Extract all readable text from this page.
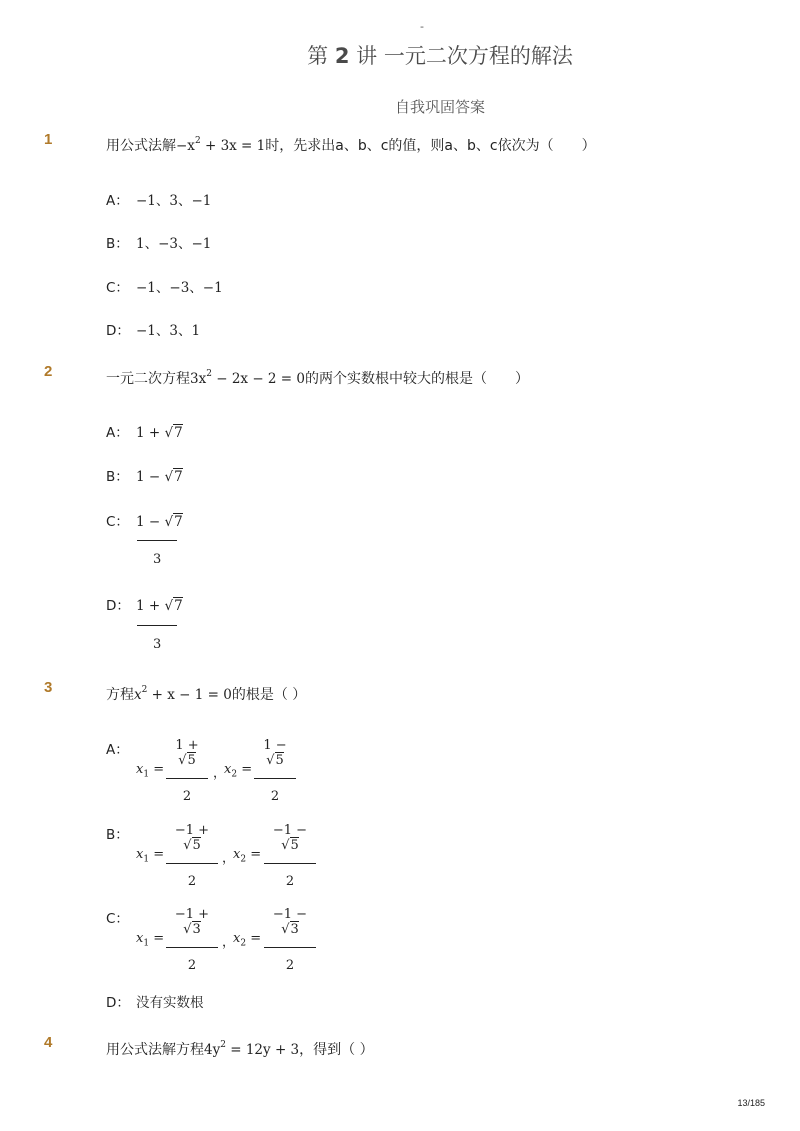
-
第 2 讲 一元二次方程的解法
自我巩固答案
1	用公式法解$-x^2 + 3x = 1$时，先求出a、b、c的值，则a、b、c依次为（　　）
A： −1、3、−1
B： 1、−3、−1
C： −1、−3、−1
D： −1、3、1
2	一元二次方程$3x^2 - 2x - 2 = 0$的两个实数根中较大的根是（　　）
A： 1 + √7
B： 1 − √7
C： 1 − √7
3
D： 1 + √7
3
3	方程$x^2 + x - 1 = 0$的根是（ ）
A：
$x_1$ =
1 + √5
2
，
$x_2$ =
1 − √5
2
B：
$x_1$ =
−1 + √5
2
，
$x_2$ =
−1 − √5
2
C：
$x_1$ =
−1 + √3
2
，
$x_2$ =
−1 − √3
2
D： 没有实数根
4	用公式法解方程$4y^2 = 12y + 3$，得到（ ）
13/185
